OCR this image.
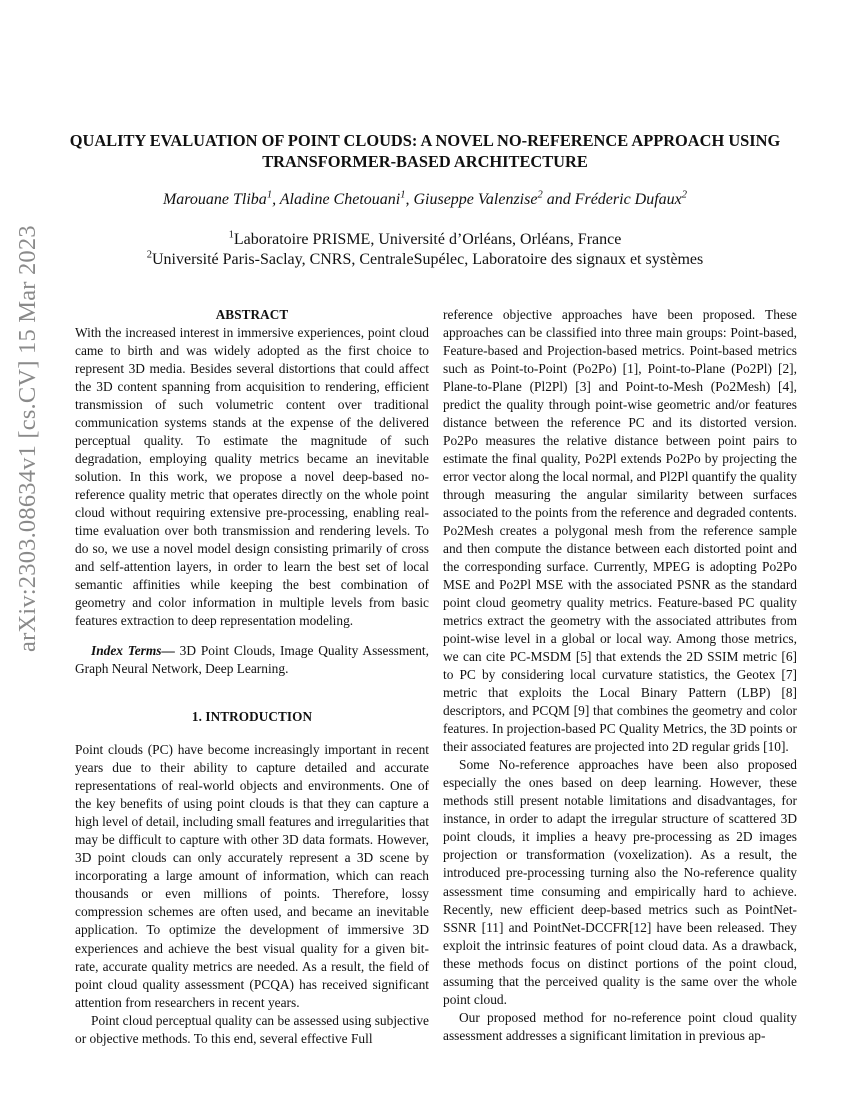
arXiv:2303.08634v1 [cs.CV] 15 Mar 2023
QUALITY EVALUATION OF POINT CLOUDS: A NOVEL NO-REFERENCE APPROACH USING TRANSFORMER-BASED ARCHITECTURE
Marouane Tliba$^1$, Aladine Chetouani$^1$, Giuseppe Valenzise$^2$ and Fréderic Dufaux$^2$
$^1$Laboratoire PRISME, Université d’Orléans, Orléans, France
$^2$Université Paris-Saclay, CNRS, CentraleSupélec, Laboratoire des signaux et systèmes

ABSTRACT

With the increased interest in immersive experiences, point cloud came to birth and was widely adopted as the first choice to represent 3D media. Besides several distortions that could affect the 3D content spanning from acquisition to rendering, efficient transmission of such volumetric content over traditional communication systems stands at the expense of the delivered perceptual quality. To estimate the magnitude of such degradation, employing quality metrics became an inevitable solution. In this work, we propose a novel deep-based no-reference quality metric that operates directly on the whole point cloud without requiring extensive pre-processing, enabling real-time evaluation over both transmission and rendering levels. To do so, we use a novel model design consisting primarily of cross and self-attention layers, in order to learn the best set of local semantic affinities while keeping the best combination of geometry and color information in multiple levels from basic features extraction to deep representation modeling.

Index Terms— 3D Point Clouds, Image Quality Assessment, Graph Neural Network, Deep Learning.

1. INTRODUCTION

Point clouds (PC) have become increasingly important in recent years due to their ability to capture detailed and accurate representations of real-world objects and environments. One of the key benefits of using point clouds is that they can capture a high level of detail, including small features and irregularities that may be difficult to capture with other 3D data formats. However, 3D point clouds can only accurately represent a 3D scene by incorporating a large amount of information, which can reach thousands or even millions of points. Therefore, lossy compression schemes are often used, and became an inevitable application. To optimize the development of immersive 3D experiences and achieve the best visual quality for a given bit-rate, accurate quality metrics are needed. As a result, the field of point cloud quality assessment (PCQA) has received significant attention from researchers in recent years.

Point cloud perceptual quality can be assessed using subjective or objective methods. To this end, several effective Full

reference objective approaches have been proposed. These approaches can be classified into three main groups: Point-based, Feature-based and Projection-based metrics. Point-based metrics such as Point-to-Point (Po2Po) [1], Point-to-Plane (Po2Pl) [2], Plane-to-Plane (Pl2Pl) [3] and Point-to-Mesh (Po2Mesh) [4], predict the quality through point-wise geometric and/or features distance between the reference PC and its distorted version. Po2Po measures the relative distance between point pairs to estimate the final quality, Po2Pl extends Po2Po by projecting the error vector along the local normal, and Pl2Pl quantify the quality through measuring the angular similarity between surfaces associated to the points from the reference and degraded contents. Po2Mesh creates a polygonal mesh from the reference sample and then compute the distance between each distorted point and the corresponding surface. Currently, MPEG is adopting Po2Po MSE and Po2Pl MSE with the associated PSNR as the standard point cloud geometry quality metrics. Feature-based PC quality metrics extract the geometry with the associated attributes from point-wise level in a global or local way. Among those metrics, we can cite PC-MSDM [5] that extends the 2D SSIM metric [6] to PC by considering local curvature statistics, the Geotex [7] metric that exploits the Local Binary Pattern (LBP) [8] descriptors, and PCQM [9] that combines the geometry and color features. In projection-based PC Quality Metrics, the 3D points or their associated features are projected into 2D regular grids [10].

Some No-reference approaches have been also proposed especially the ones based on deep learning. However, these methods still present notable limitations and disadvantages, for instance, in order to adapt the irregular structure of scattered 3D point clouds, it implies a heavy pre-processing as 2D images projection or transformation (voxelization). As a result, the introduced pre-processing turning also the No-reference quality assessment time consuming and empirically hard to achieve. Recently, new efficient deep-based metrics such as PointNet-SSNR [11] and PointNet-DCCFR[12] have been released. They exploit the intrinsic features of point cloud data. As a drawback, these methods focus on distinct portions of the point cloud, assuming that the perceived quality is the same over the whole point cloud.

Our proposed method for no-reference point cloud quality assessment addresses a significant limitation in previous ap-
